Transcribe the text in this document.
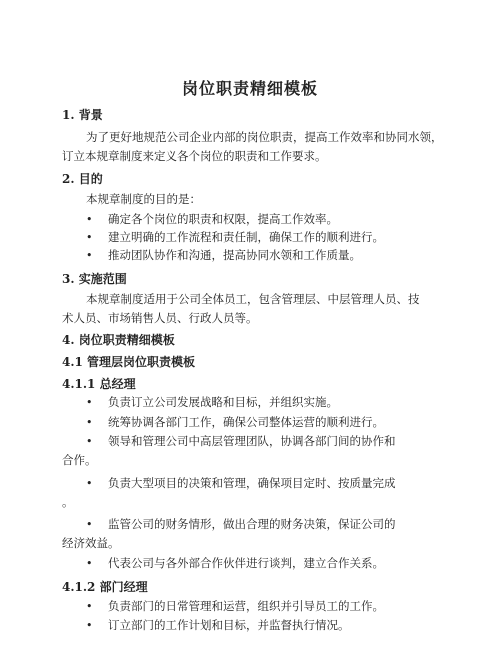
岗位职责精细模板
1. 背景
为了更好地规范公司企业内部的岗位职责，提高工作效率和协同水领，
订立本规章制度来定义各个岗位的职责和工作要求。
2. 目的
本规章制度的目的是：
• 确定各个岗位的职责和权限，提高工作效率。
• 建立明确的工作流程和责任制，确保工作的顺利进行。
• 推动团队协作和沟通，提高协同水领和工作质量。
3. 实施范围
本规章制度适用于公司全体员工，包含管理层、中层管理人员、技
术人员、市场销售人员、行政人员等。
4. 岗位职责精细模板
4.1 管理层岗位职责模板
4.1.1 总经理
• 负责订立公司发展战略和目标，并组织实施。
• 统筹协调各部门工作，确保公司整体运营的顺利进行。
• 领导和管理公司中高层管理团队，协调各部门间的协作和
合作。
• 负责大型项目的决策和管理，确保项目定时、按质量完成
。
• 监管公司的财务情形，做出合理的财务决策，保证公司的
经济效益。
• 代表公司与各外部合作伙伴进行谈判，建立合作关系。
4.1.2 部门经理
• 负责部门的日常管理和运营，组织并引导员工的工作。
• 订立部门的工作计划和目标，并监督执行情况。
